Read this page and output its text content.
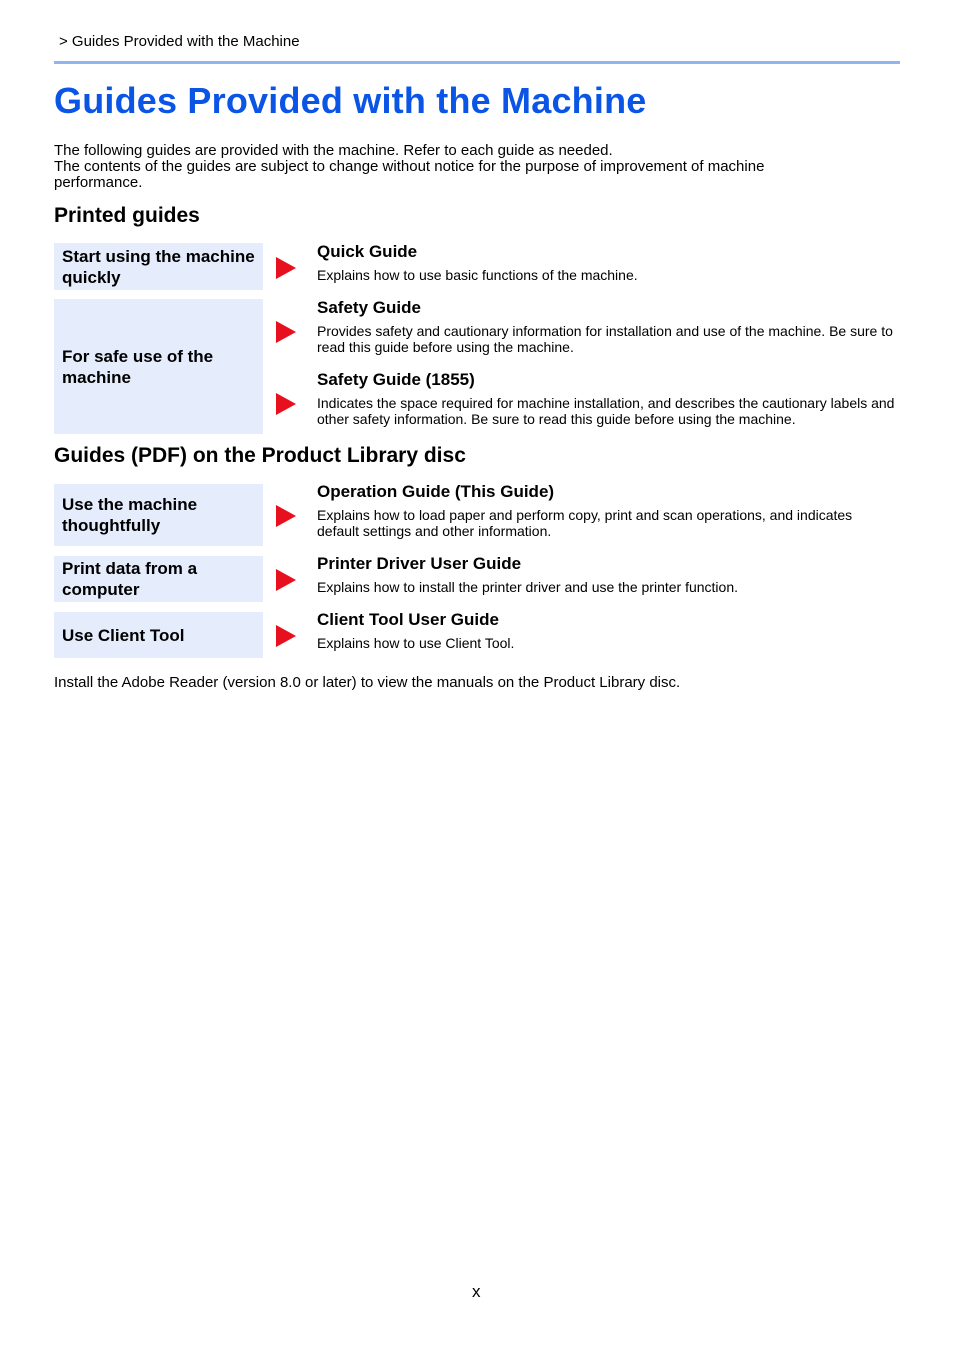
> Guides Provided with the Machine
Guides Provided with the Machine

The following guides are provided with the machine. Refer to each guide as needed.

The contents of the guides are subject to change without notice for the purpose of improvement of machine performance.

Printed guides
Start using the machine quickly
For safe use of the machine
Quick Guide
Explains how to use basic functions of the machine.
Safety Guide
Provides safety and cautionary information for installation and use of the machine. Be sure to read this guide before using the machine.
Safety Guide (1855)
Indicates the space required for machine installation, and describes the cautionary labels and other safety information. Be sure to read this guide before using the machine.
Guides (PDF) on the Product Library disc
Use the machine thoughtfully
Print data from a computer
Use Client Tool
Operation Guide (This Guide)
Explains how to load paper and perform copy, print and scan operations, and indicates default settings and other information.
Printer Driver User Guide
Explains how to install the printer driver and use the printer function.
Client Tool User Guide
Explains how to use Client Tool.

Install the Adobe Reader (version 8.0 or later) to view the manuals on the Product Library disc.

x
